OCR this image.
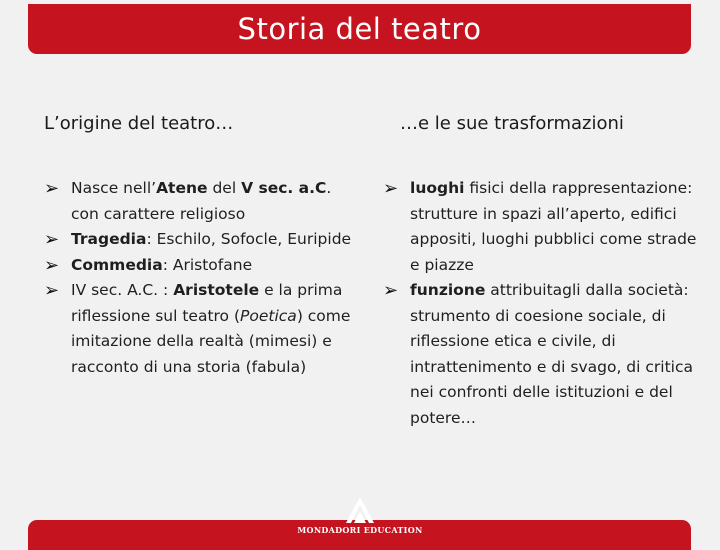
Storia del teatro
L’origine del teatro…	…e le sue trasformazioni
➢ Nasce nell’Atene del V sec. a.C. con carattere religioso
➢ Tragedia: Eschilo, Sofocle, Euripide
➢ Commedia: Aristofane
➢ IV sec. A.C. : Aristotele e la prima riflessione sul teatro (Poetica) come imitazione della realtà (mimesi) e racconto di una storia (fabula)
➢ luoghi fisici della rappresentazione: strutture in spazi all’aperto, edifici appositi, luoghi pubblici come strade e piazze
➢ funzione attribuitagli dalla società: strumento di coesione sociale, di riflessione etica e civile, di intrattenimento e di svago, di critica nei confronti delle istituzioni e del potere…
MONDADORI EDUCATION
